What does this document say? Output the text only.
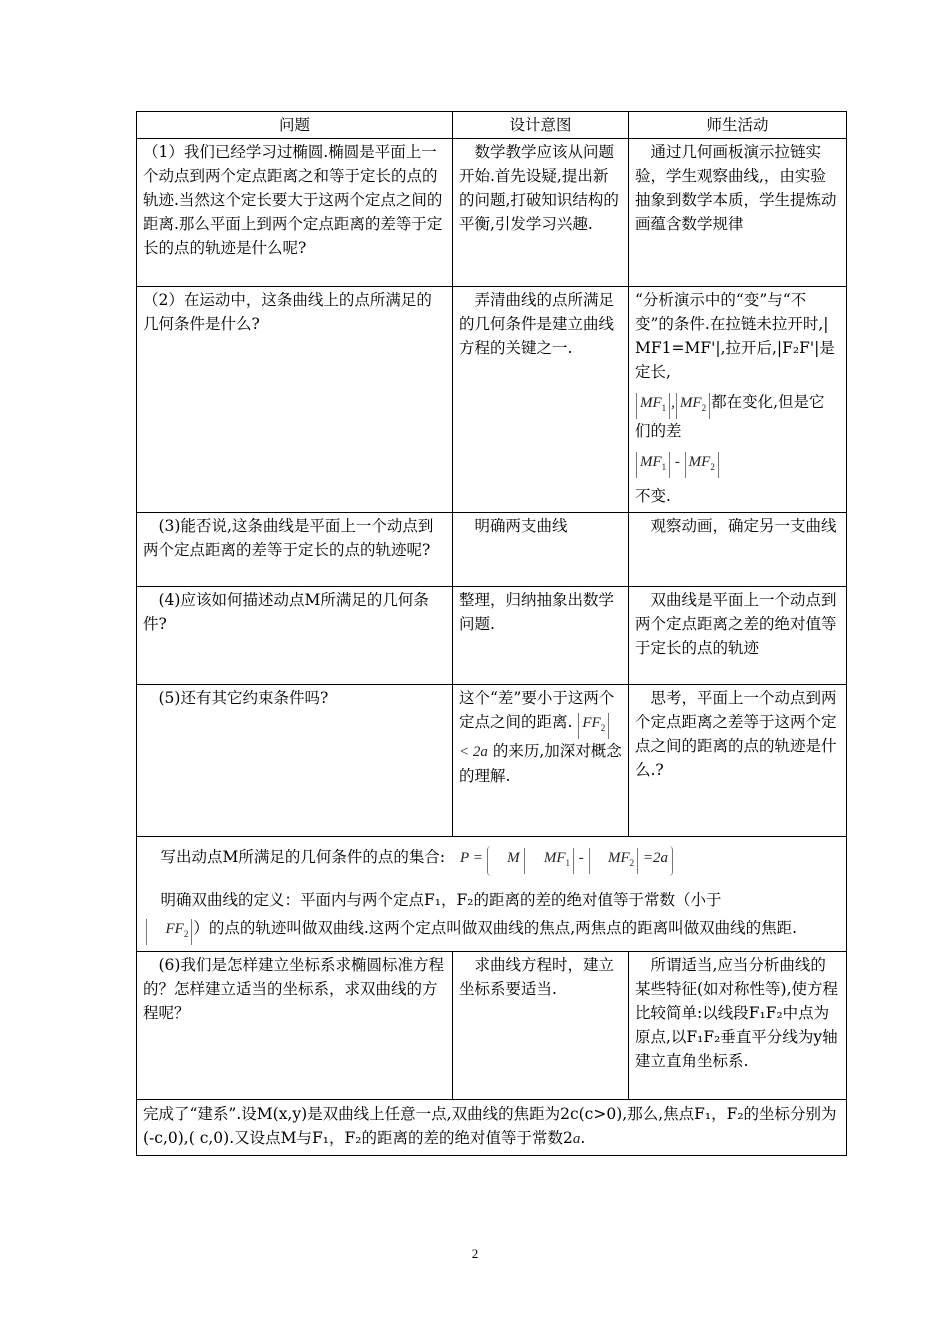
问题	设计意图	师生活动
（1）我们已经学习过椭圆.椭圆是平面上一个动点到两个定点距离之和等于定长的点的轨迹.当然这个定长要大于这两个定点之间的距离.那么平面上到两个定点距离的差等于定长的点的轨迹是什么呢?	数学教学应该从问题开始.首先设疑,提出新的问题,打破知识结构的平衡,引发学习兴趣.	通过几何画板演示拉链实验，学生观察曲线,，由实验抽象到数学本质，学生提炼动画蕴含数学规律
（2）在运动中，这条曲线上的点所满足的几何条件是什么?	弄清曲线的点所满足的几何条件是建立曲线方程的关键之一.	“分析演示中的“变”与“不变”的条件.在拉链未拉开时,|MF1=MF'|,拉开后,|F₂F'|是定长,
$MF_1$ , $MF_2$ 都在变化,但是它们的差
$MF_1 - MF_2$
不变.
(3)能否说,这条曲线是平面上一个动点到两个定点距离的差等于定长的点的轨迹呢?	明确两支曲线	观察动画，确定另一支曲线
(4)应该如何描述动点M所满足的几何条件?	整理，归纳抽象出数学问题.	双曲线是平面上一个动点到两个定点距离之差的绝对值等于定长的点的轨迹
(5)还有其它约束条件吗?	这个“差”要小于这两个定点之间的距离. $FF_2 < 2a$ 的来历,加深对概念的理解.	思考，平面上一个动点到两个定点距离之差等于这两个定点之间的距离的点的轨迹是什么.?

写出动点M所满足的几何条件的点的集合: P = M $MF_1 - MF_2 =2a$

明确双曲线的定义：平面内与两个定点F₁，F₂的距离的差的绝对值等于常数（小于
$FF_2$ ）的点的轨迹叫做双曲线.这两个定点叫做双曲线的焦点,两焦点的距离叫做双曲线的焦距.		

(6)我们是怎样建立坐标系求椭圆标准方程的？怎样建立适当的坐标系，求双曲线的方程呢？	求曲线方程时，建立坐标系要适当.	所谓适当,应当分析曲线的某些特征(如对称性等),使方程比较简单:以线段F₁F₂中点为原点,以F₁F₂垂直平分线为y轴建立直角坐标系.
完成了“建系”.设M(x,y)是双曲线上任意一点,双曲线的焦距为2c(c>0),那么,焦点F₁，F₂的坐标分别为(-c,0),( c,0).又设点M与F₁，F₂的距离的差的绝对值等于常数2a.		
2
